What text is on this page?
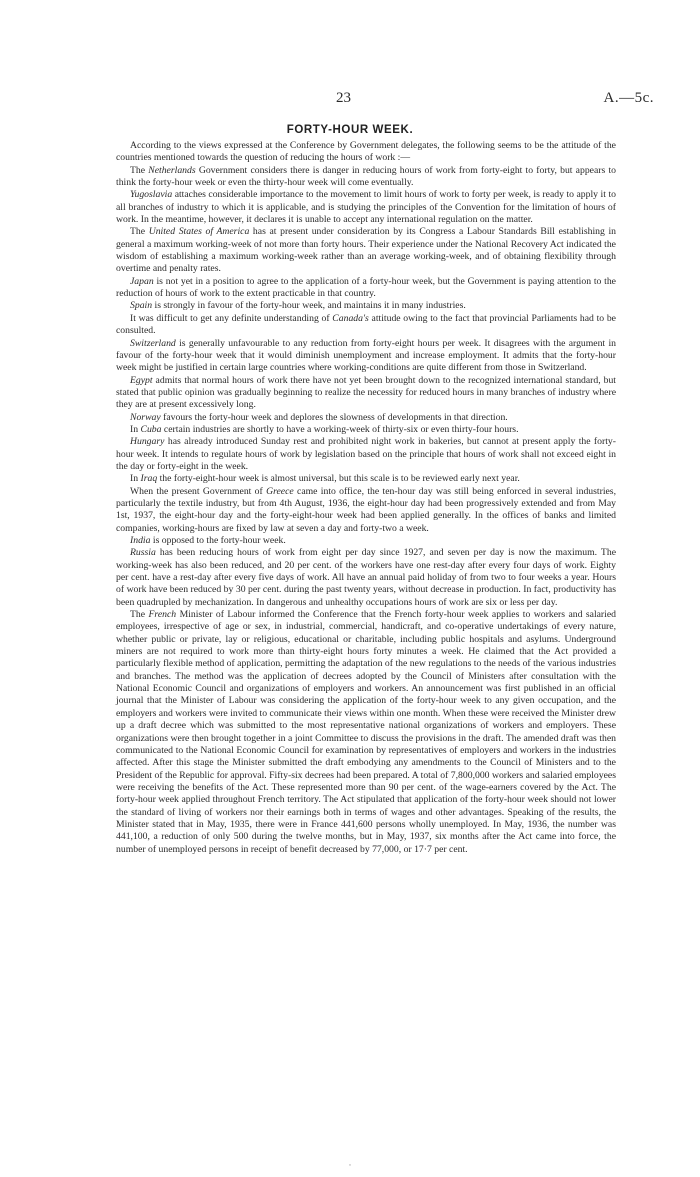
23	A.—5c.
FORTY-HOUR WEEK.

According to the views expressed at the Conference by Government delegates, the following seems to be the attitude of the countries mentioned towards the question of reducing the hours of work :—

The Netherlands Government considers there is danger in reducing hours of work from forty-eight to forty, but appears to think the forty-hour week or even the thirty-hour week will come eventually.

Yugoslavia attaches considerable importance to the movement to limit hours of work to forty per week, is ready to apply it to all branches of industry to which it is applicable, and is studying the principles of the Convention for the limitation of hours of work. In the meantime, however, it declares it is unable to accept any international regulation on the matter.

The United States of America has at present under consideration by its Congress a Labour Standards Bill establishing in general a maximum working-week of not more than forty hours. Their experience under the National Recovery Act indicated the wisdom of establishing a maximum working-week rather than an average working-week, and of obtaining flexibility through overtime and penalty rates.

Japan is not yet in a position to agree to the application of a forty-hour week, but the Government is paying attention to the reduction of hours of work to the extent practicable in that country.

Spain is strongly in favour of the forty-hour week, and maintains it in many industries.

It was difficult to get any definite understanding of Canada's attitude owing to the fact that provincial Parliaments had to be consulted.

Switzerland is generally unfavourable to any reduction from forty-eight hours per week. It disagrees with the argument in favour of the forty-hour week that it would diminish unemployment and increase employment. It admits that the forty-hour week might be justified in certain large countries where working-conditions are quite different from those in Switzerland.

Egypt admits that normal hours of work there have not yet been brought down to the recognized international standard, but stated that public opinion was gradually beginning to realize the necessity for reduced hours in many branches of industry where they are at present excessively long.

Norway favours the forty-hour week and deplores the slowness of developments in that direction.

In Cuba certain industries are shortly to have a working-week of thirty-six or even thirty-four hours.

Hungary has already introduced Sunday rest and prohibited night work in bakeries, but cannot at present apply the forty-hour week. It intends to regulate hours of work by legislation based on the principle that hours of work shall not exceed eight in the day or forty-eight in the week.

In Iraq the forty-eight-hour week is almost universal, but this scale is to be reviewed early next year.

When the present Government of Greece came into office, the ten-hour day was still being enforced in several industries, particularly the textile industry, but from 4th August, 1936, the eight-hour day had been progressively extended and from May 1st, 1937, the eight-hour day and the forty-eight-hour week had been applied generally. In the offices of banks and limited companies, working-hours are fixed by law at seven a day and forty-two a week.

India is opposed to the forty-hour week.

Russia has been reducing hours of work from eight per day since 1927, and seven per day is now the maximum. The working-week has also been reduced, and 20 per cent. of the workers have one rest-day after every four days of work. Eighty per cent. have a rest-day after every five days of work. All have an annual paid holiday of from two to four weeks a year. Hours of work have been reduced by 30 per cent. during the past twenty years, without decrease in production. In fact, productivity has been quadrupled by mechanization. In dangerous and unhealthy occupations hours of work are six or less per day.

The French Minister of Labour informed the Conference that the French forty-hour week applies to workers and salaried employees, irrespective of age or sex, in industrial, commercial, handicraft, and co-operative undertakings of every nature, whether public or private, lay or religious, educational or charitable, including public hospitals and asylums. Underground miners are not required to work more than thirty-eight hours forty minutes a week. He claimed that the Act provided a particularly flexible method of application, permitting the adaptation of the new regulations to the needs of the various industries and branches. The method was the application of decrees adopted by the Council of Ministers after consultation with the National Economic Council and organizations of employers and workers. An announcement was first published in an official journal that the Minister of Labour was considering the application of the forty-hour week to any given occupation, and the employers and workers were invited to communicate their views within one month. When these were received the Minister drew up a draft decree which was submitted to the most representative national organizations of workers and employers. These organizations were then brought together in a joint Committee to discuss the provisions in the draft. The amended draft was then communicated to the National Economic Council for examination by representatives of employers and workers in the industries affected. After this stage the Minister submitted the draft embodying any amendments to the Council of Ministers and to the President of the Republic for approval. Fifty-six decrees had been prepared. A total of 7,800,000 workers and salaried employees were receiving the benefits of the Act. These represented more than 90 per cent. of the wage-earners covered by the Act. The forty-hour week applied throughout French territory. The Act stipulated that application of the forty-hour week should not lower the standard of living of workers nor their earnings both in terms of wages and other advantages. Speaking of the results, the Minister stated that in May, 1935, there were in France 441,600 persons wholly unemployed. In May, 1936, the number was 441,100, a reduction of only 500 during the twelve months, but in May, 1937, six months after the Act came into force, the number of unemployed persons in receipt of benefit decreased by 77,000, or 17·7 per cent.

·
